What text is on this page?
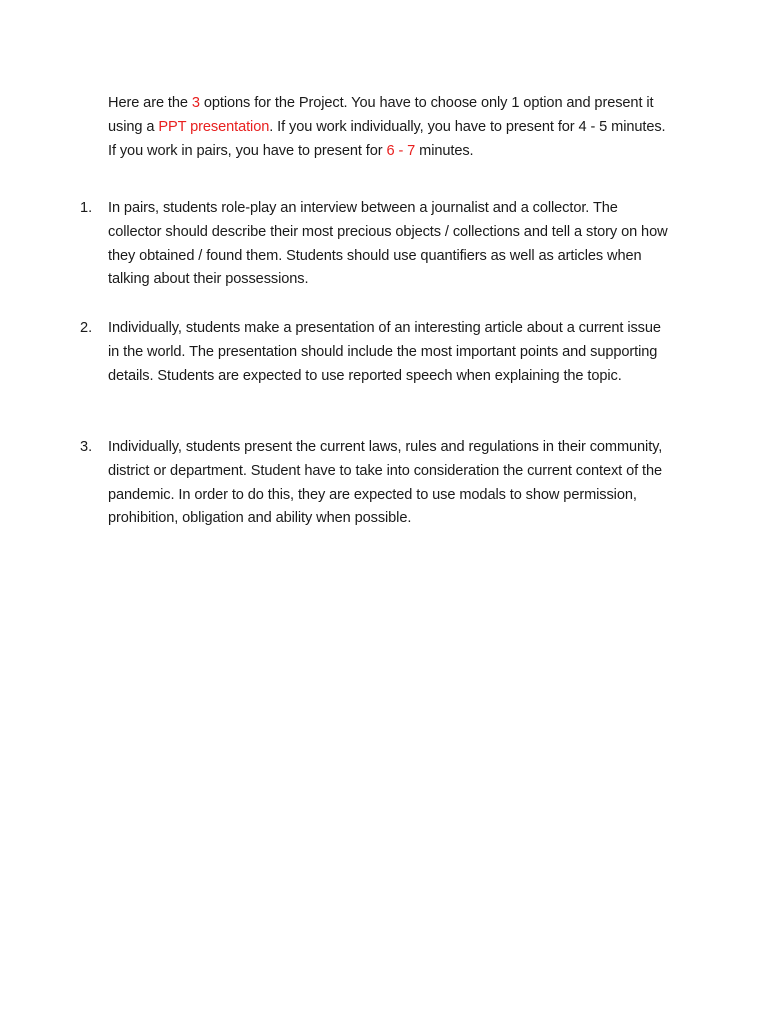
Here are the 3 options for the Project. You have to choose only 1 option and present it using a PPT presentation. If you work individually, you have to present for 4 - 5 minutes. If you work in pairs, you have to present for 6 - 7 minutes.

1.	In pairs, students role-play an interview between a journalist and a collector. The collector should describe their most precious objects / collections and tell a story on how they obtained / found them. Students should use quantifiers as well as articles when talking about their possessions.
2.	Individually, students make a presentation of an interesting article about a current issue in the world. The presentation should include the most important points and supporting details. Students are expected to use reported speech when explaining the topic.
3.	Individually, students present the current laws, rules and regulations in their community, district or department. Student have to take into consideration the current context of the pandemic. In order to do this, they are expected to use modals to show permission, prohibition, obligation and ability when possible.
